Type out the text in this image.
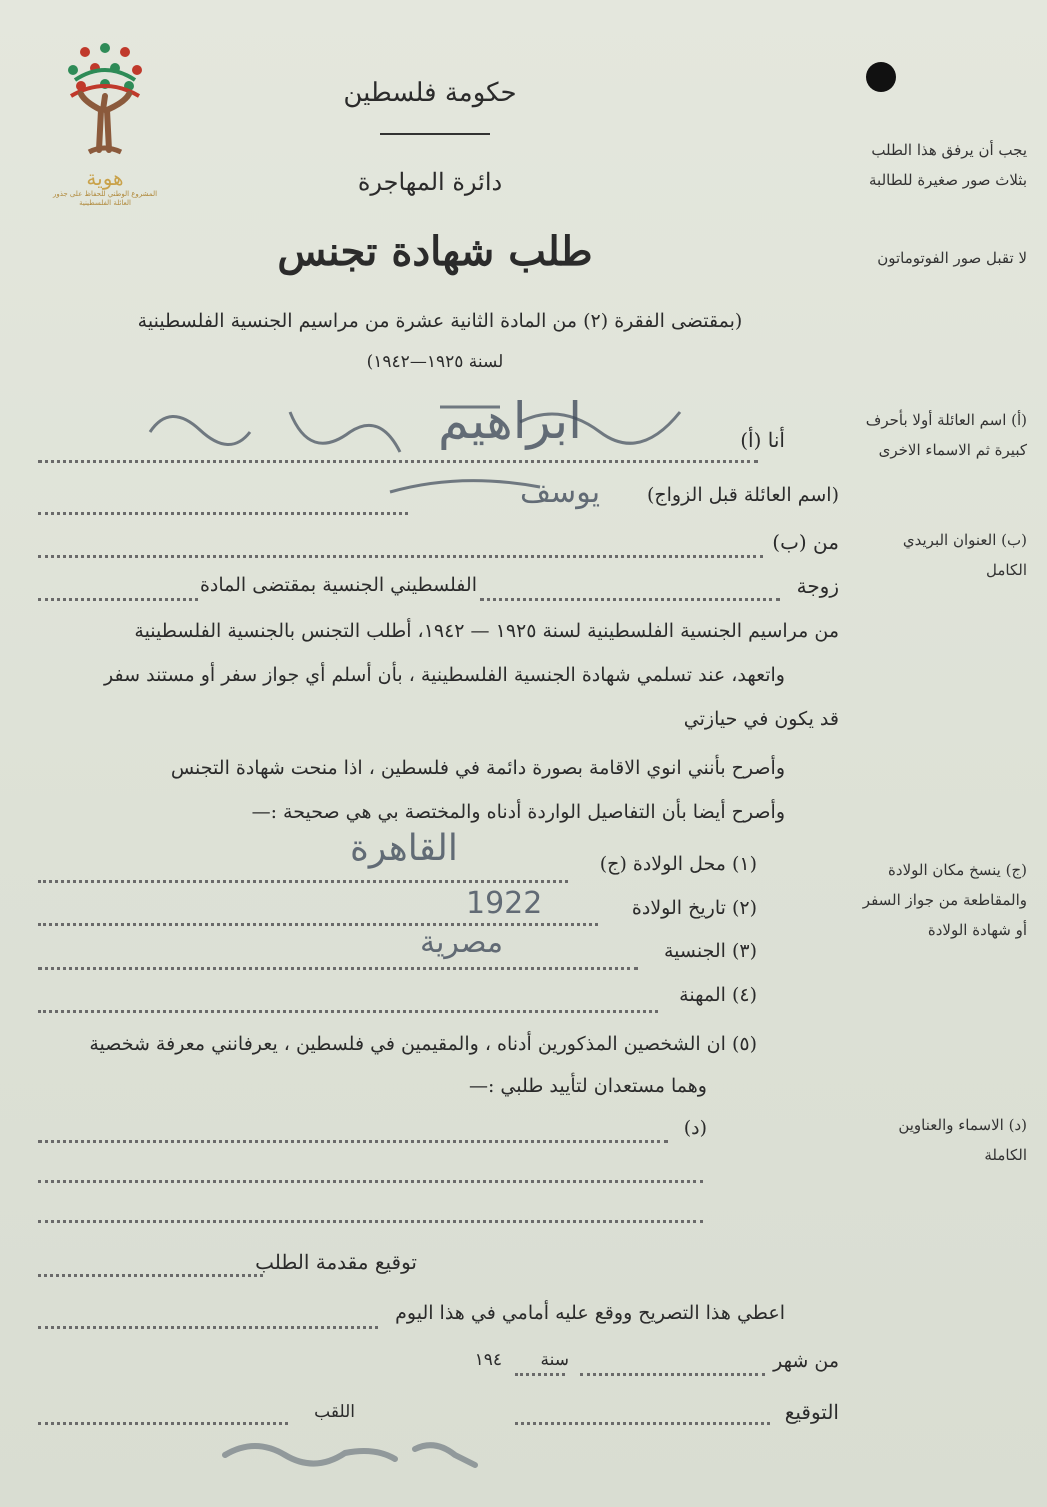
هوية
المشروع الوطني للحفاظ على جذور العائلة الفلسطينية
حكومة فلسطين
دائرة المهاجرة
طلب شهادة تجنس
(بمقتضى الفقرة (٢) من المادة الثانية عشرة من مراسيم الجنسية الفلسطينية
لسنة ١٩٢٥—١٩٤٢)
يجب أن يرفق هذا الطلب بثلاث صور صغيرة للطالبة
لا تقبل صور الفوتوماتون
(أ) اسم العائلة أولا بأحرف كبيرة ثم الاسماء الاخرى
(ب) العنوان البريدي الكامل
(ج) ينسخ مكان الولادة والمقاطعة من جواز السفر أو شهادة الولادة
(د) الاسماء والعناوين الكاملة
أنا (أ)
ابراهيم
(اسم العائلة قبل الزواج)
يوسف
من (ب)
زوجة
الفلسطيني الجنسية بمقتضى المادة
من مراسيم الجنسية الفلسطينية لسنة ١٩٢٥ — ١٩٤٢، أطلب التجنس بالجنسية الفلسطينية
واتعهد، عند تسلمي شهادة الجنسية الفلسطينية ، بأن أسلم أي جواز سفر أو مستند سفر
قد يكون في حيازتي
وأصرح بأنني انوي الاقامة بصورة دائمة في فلسطين ، اذا منحت شهادة التجنس
وأصرح أيضا بأن التفاصيل الواردة أدناه والمختصة بي هي صحيحة :—
(١) محل الولادة (ج)
القاهرة
(٢) تاريخ الولادة
1922
(٣) الجنسية
مصرية
(٤) المهنة
(٥) ان الشخصين المذكورين أدناه ، والمقيمين في فلسطين ، يعرفانني معرفة شخصية
وهما مستعدان لتأييد طلبي :—
(د)
توقيع مقدمة الطلب
اعطي هذا التصريح ووقع عليه أمامي في هذا اليوم
من شهر
سنة
١٩٤
التوقيع
اللقب
